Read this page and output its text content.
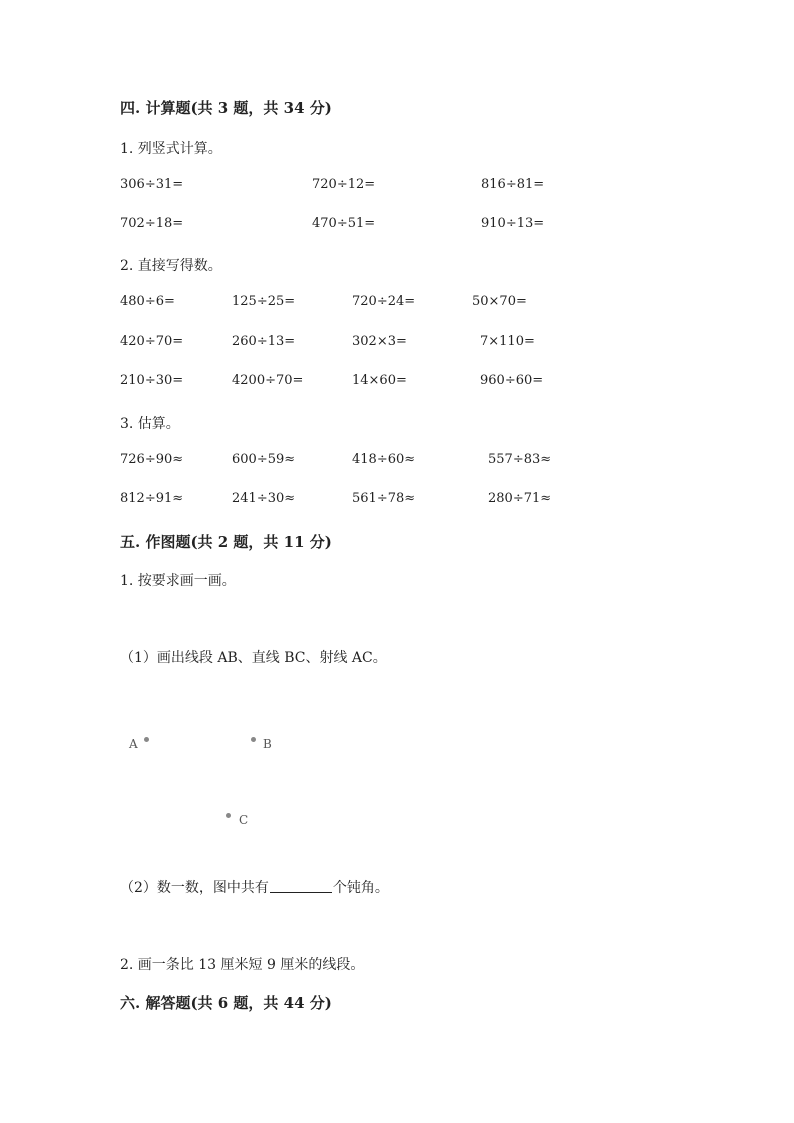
四. 计算题(共 3 题，共 34 分)
1. 列竖式计算。
306÷31=	720÷12=	816÷81=
702÷18=	470÷51=	910÷13=
2. 直接写得数。
480÷6=	125÷25=	720÷24=	50×70=
420÷70=	260÷13=	302×3=	7×110=
210÷30=	4200÷70=	14×60=	960÷60=
3. 估算。
726÷90≈	600÷59≈	418÷60≈	557÷83≈
812÷91≈	241÷30≈	561÷78≈	280÷71≈
五. 作图题(共 2 题，共 11 分)
1. 按要求画一画。
（1）画出线段 AB、直线 BC、射线 AC。
A	B
C
（2）数一数，图中共有	个钝角。
2. 画一条比 13 厘米短 9 厘米的线段。
六. 解答题(共 6 题，共 44 分)
